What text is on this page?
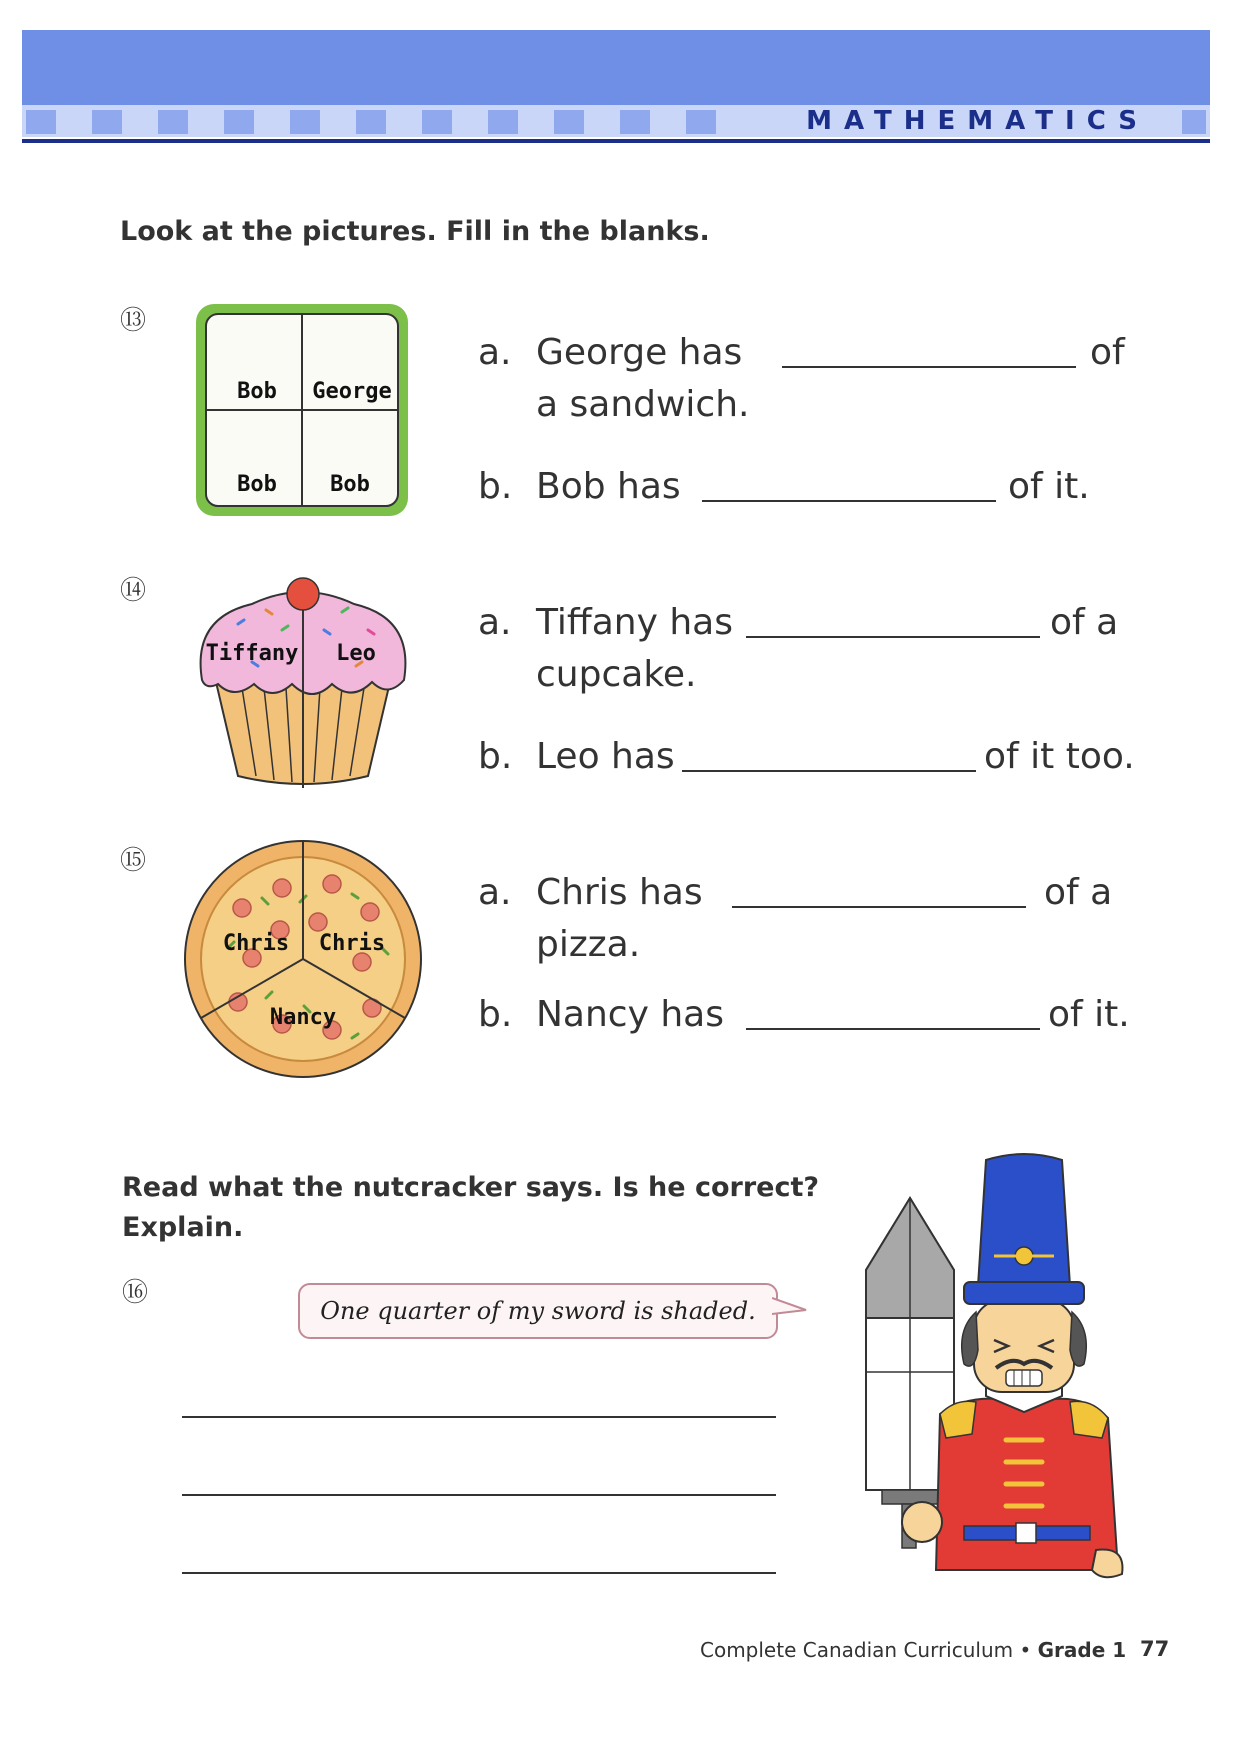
MATHEMATICS
Look at the pictures. Fill in the blanks.
⑬
Bob George
Bob Bob
a. George has	of
a sandwich.
b. Bob has	of it.
⑭
Tiffany Leo
a. Tiffany has	of a
cupcake.
b. Leo has	of it too.
⑮
Chris Chris
Nancy
a. Chris has	of a
pizza.
b. Nancy has	of it.
Read what the nutcracker says. Is he correct?
Explain.
⑯
One quarter of my sword is shaded.
Complete Canadian Curriculum • Grade 1 77
